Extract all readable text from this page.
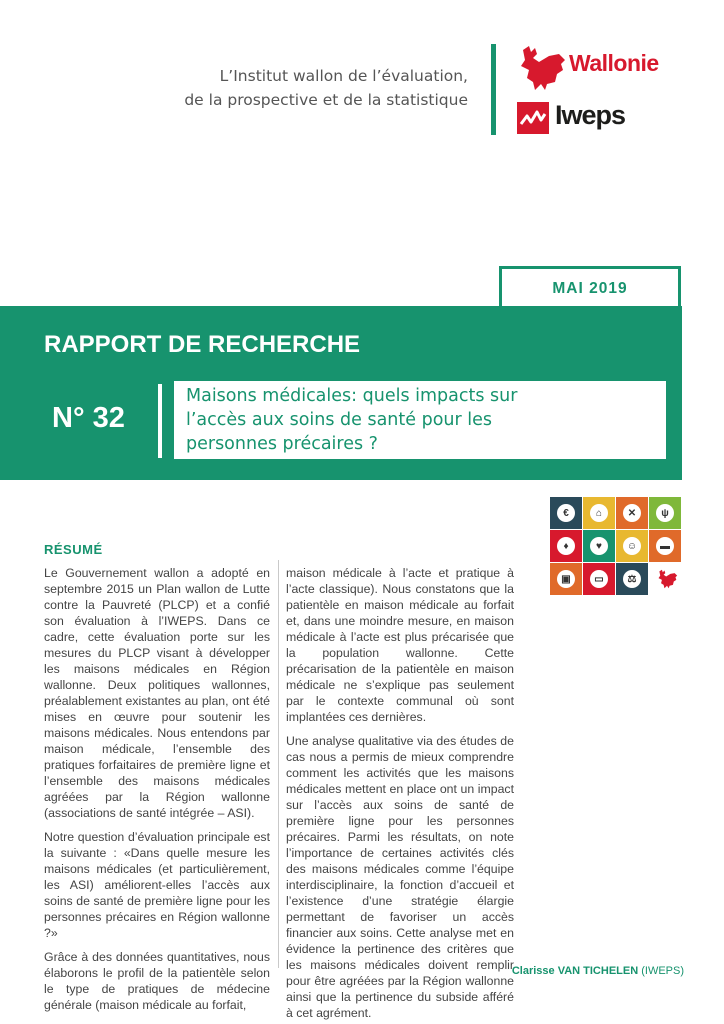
L’Institut wallon de l’évaluation,
de la prospective et de la statistique
Wallonie
Iweps
MAI 2019
RAPPORT DE RECHERCHE
N° 32
Maisons médicales: quels impacts sur
l’accès aux soins de santé pour les
personnes précaires ?
€	⌂	✕	ψ
♦	♥	☺	▬
▣	▭	⚖
RÉSUMÉ

Le Gouvernement wallon a adopté en septembre 2015 un Plan wallon de Lutte contre la Pauvreté (PLCP) et a confié son évaluation à l’IWEPS. Dans ce cadre, cette évaluation porte sur les mesures du PLCP visant à développer les maisons médicales en Région wallonne. Deux politiques wallonnes, préalablement existantes au plan, ont été mises en œuvre pour soutenir les maisons médicales. Nous entendons par maison médicale, l’ensemble des pratiques forfaitaires de première ligne et l’ensemble des maisons médicales agréées par la Région wallonne (associations de santé intégrée – ASI).

Notre question d’évaluation principale est la suivante : «Dans quelle mesure les maisons médicales (et particulièrement, les ASI) améliorent-elles l’accès aux soins de santé de première ligne pour les personnes précaires en Région wallonne ?»

Grâce à des données quantitatives, nous élaborons le profil de la patientèle selon le type de pratiques de médecine générale (maison médicale au forfait,

maison médicale à l’acte et pratique à l’acte classique). Nous constatons que la patientèle en maison médicale au forfait et, dans une moindre mesure, en maison médicale à l’acte est plus précarisée que la population wallonne. Cette précarisation de la patientèle en maison médicale ne s’explique pas seulement par le contexte communal où sont implantées ces dernières.

Une analyse qualitative via des études de cas nous a permis de mieux comprendre comment les activités que les maisons médicales mettent en place ont un impact sur l’accès aux soins de santé de première ligne pour les personnes précaires. Parmi les résultats, on note l’importance de certaines activités clés des maisons médicales comme l’équipe interdisciplinaire, la fonction d’accueil et l’existence d’une stratégie élargie permettant de favoriser un accès financier aux soins. Cette analyse met en évidence la pertinence des critères que les maisons médicales doivent remplir pour être agréées par la Région wallonne ainsi que la pertinence du subside afféré à cet agrément.

Clarisse VAN TICHELEN (IWEPS)
